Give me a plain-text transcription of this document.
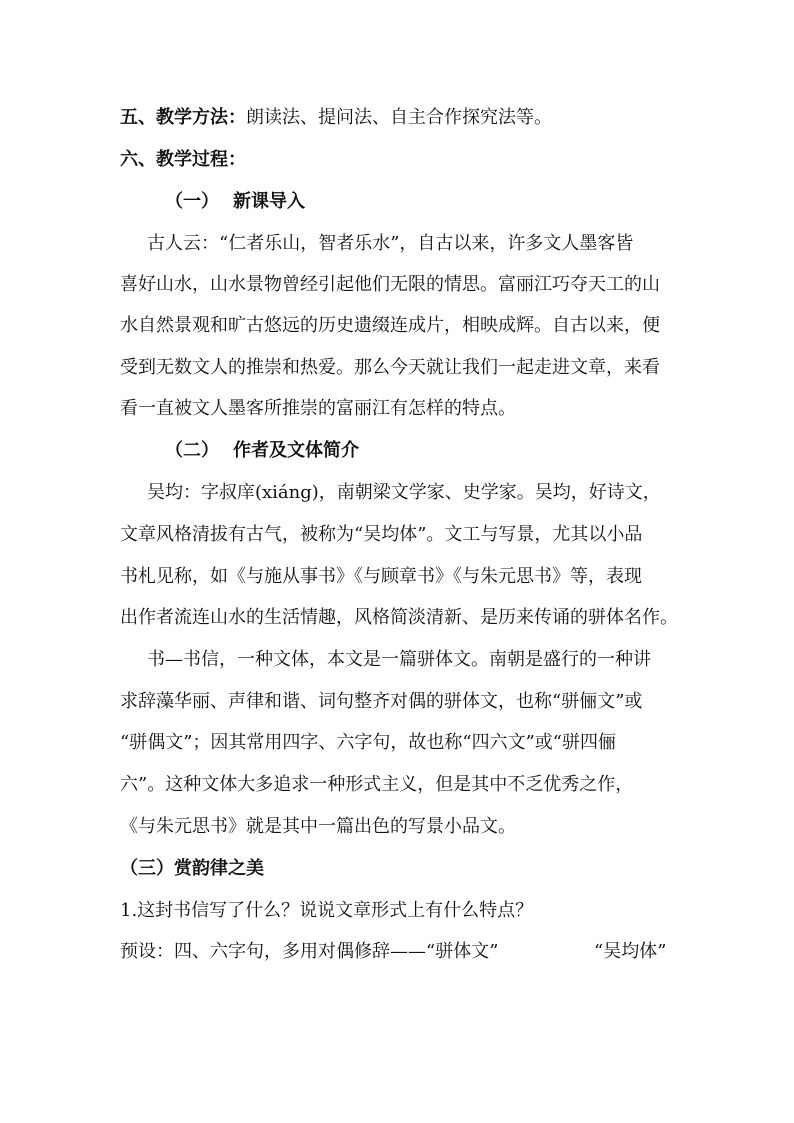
五、教学方法：朗读法、提问法、自主合作探究法等。
六、教学过程：
（一） 新课导入
古人云：“仁者乐山，智者乐水”，自古以来，许多文人墨客皆
喜好山水，山水景物曾经引起他们无限的情思。富丽江巧夺天工的山
水自然景观和旷古悠远的历史遗缀连成片，相映成辉。自古以来，便
受到无数文人的推崇和热爱。那么今天就让我们一起走进文章，来看
看一直被文人墨客所推崇的富丽江有怎样的特点。
（二） 作者及文体简介
吴均：字叔庠(xiáng)，南朝梁文学家、史学家。吴均，好诗文，
文章风格清拔有古气，被称为“吴均体”。文工与写景，尤其以小品
书札见称，如《与施从事书》《与顾章书》《与朱元思书》等，表现
出作者流连山水的生活情趣，风格简淡清新、是历来传诵的骈体名作。
书—书信，一种文体，本文是一篇骈体文。南朝是盛行的一种讲
求辞藻华丽、声律和谐、词句整齐对偶的骈体文，也称“骈俪文”或
“骈偶文”；因其常用四字、六字句，故也称“四六文”或“骈四俪
六”。这种文体大多追求一种形式主义，但是其中不乏优秀之作，
《与朱元思书》就是其中一篇出色的写景小品文。
（三）赏韵律之美
1.这封书信写了什么？说说文章形式上有什么特点？
预设：四、六字句，多用对偶修辞——“骈体文”	“吴均体”
